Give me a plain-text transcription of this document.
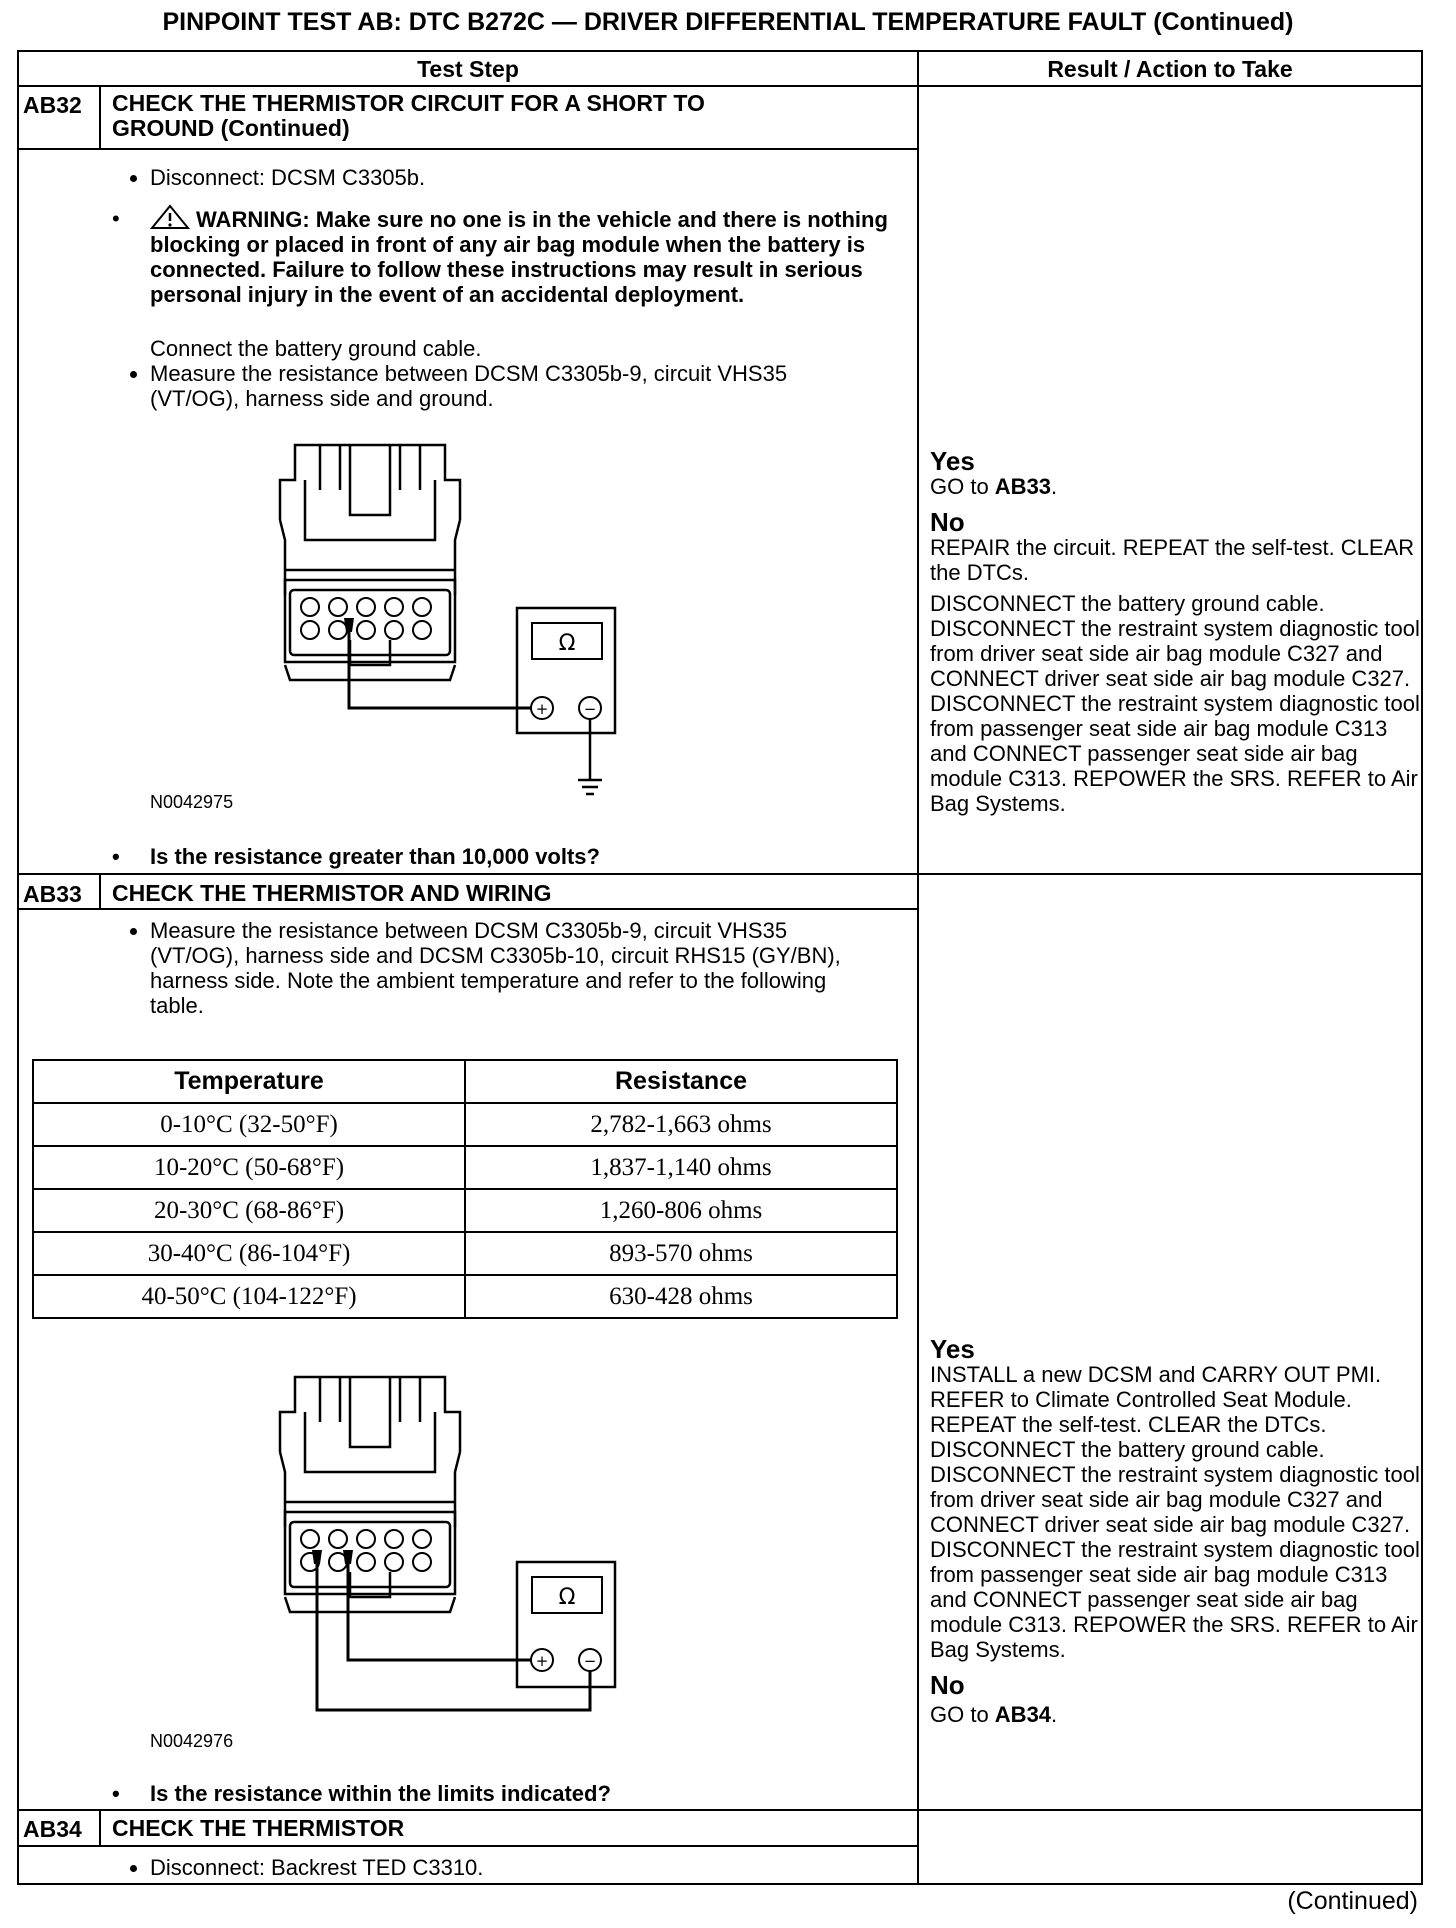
PINPOINT TEST AB: DTC B272C — DRIVER DIFFERENTIAL TEMPERATURE FAULT (Continued)
Test Step	Result / Action to Take
AB32 CHECK THE THERMISTOR CIRCUIT FOR A SHORT TO GROUND (Continued)
• Disconnect: DCSM C3305b.
•	WARNING: Make sure no one is in the vehicle and there is nothing blocking or placed in front of any air bag module when the battery is connected. Failure to follow these instructions may result in serious personal injury in the event of an accidental deployment.
Connect the battery ground cable.
• Measure the resistance between DCSM C3305b-9, circuit VHS35 (VT/OG), harness side and ground.
Ω
+ −
N0042975
• Is the resistance greater than 10,000 volts?
Yes

GO to AB33.

No

REPAIR the circuit. REPEAT the self-test. CLEAR the DTCs.

DISCONNECT the battery ground cable. DISCONNECT the restraint system diagnostic tool from driver seat side air bag module C327 and CONNECT driver seat side air bag module C327. DISCONNECT the restraint system diagnostic tool from passenger seat side air bag module C313 and CONNECT passenger seat side air bag module C313. REPOWER the SRS. REFER to Air Bag Systems.

AB33 CHECK THE THERMISTOR AND WIRING
• Measure the resistance between DCSM C3305b-9, circuit VHS35 (VT/OG), harness side and DCSM C3305b-10, circuit RHS15 (GY/BN), harness side. Note the ambient temperature and refer to the following table.
Temperature	Resistance
0-10°C (32-50°F)	2,782-1,663 ohms
10-20°C (50-68°F)	1,837-1,140 ohms
20-30°C (68-86°F)	1,260-806 ohms
30-40°C (86-104°F)	893-570 ohms
40-50°C (104-122°F)	630-428 ohms
Ω
+ −
N0042976
• Is the resistance within the limits indicated?
Yes

INSTALL a new DCSM and CARRY OUT PMI. REFER to Climate Controlled Seat Module. REPEAT the self-test. CLEAR the DTCs. DISCONNECT the battery ground cable. DISCONNECT the restraint system diagnostic tool from driver seat side air bag module C327 and CONNECT driver seat side air bag module C327. DISCONNECT the restraint system diagnostic tool from passenger seat side air bag module C313 and CONNECT passenger seat side air bag module C313. REPOWER the SRS. REFER to Air Bag Systems.

No

GO to AB34.

AB34 CHECK THE THERMISTOR
• Disconnect: Backrest TED C3310.
(Continued)
